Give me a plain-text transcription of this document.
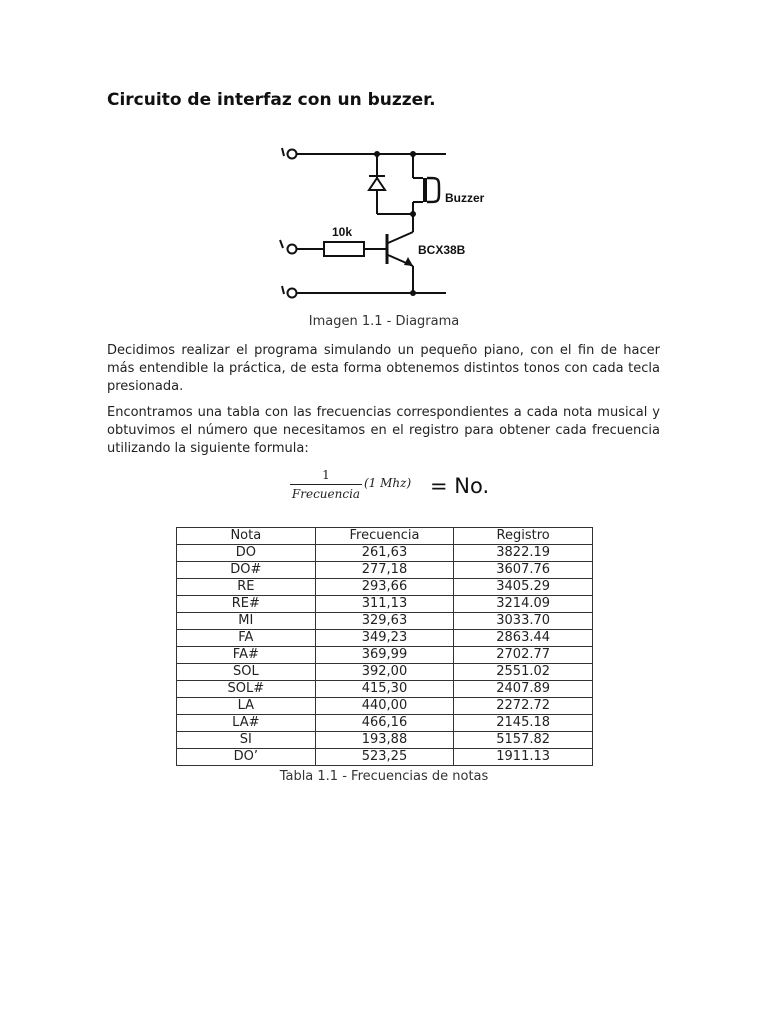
Circuito de interfaz con un buzzer.
Buzzer
10k
BCX38B
Imagen 1.1 - Diagrama

Decidimos realizar el programa simulando un pequeño piano, con el fin de hacer más entendible la práctica, de esta forma obtenemos distintos tonos con cada tecla presionada.

Encontramos una tabla con las frecuencias correspondientes a cada nota musical y obtuvimos el número que necesitamos en el registro para obtener cada frecuencia utilizando la siguiente formula:

1
Frecuencia
(1 Mhz) = No.
Nota	Frecuencia	Registro
DO	261,63	3822.19
DO#	277,18	3607.76
RE	293,66	3405.29
RE#	311,13	3214.09
MI	329,63	3033.70
FA	349,23	2863.44
FA#	369,99	2702.77
SOL	392,00	2551.02
SOL#	415,30	2407.89
LA	440,00	2272.72
LA#	466,16	2145.18
SI	193,88	5157.82
DO’	523,25	1911.13
Tabla 1.1 - Frecuencias de notas
